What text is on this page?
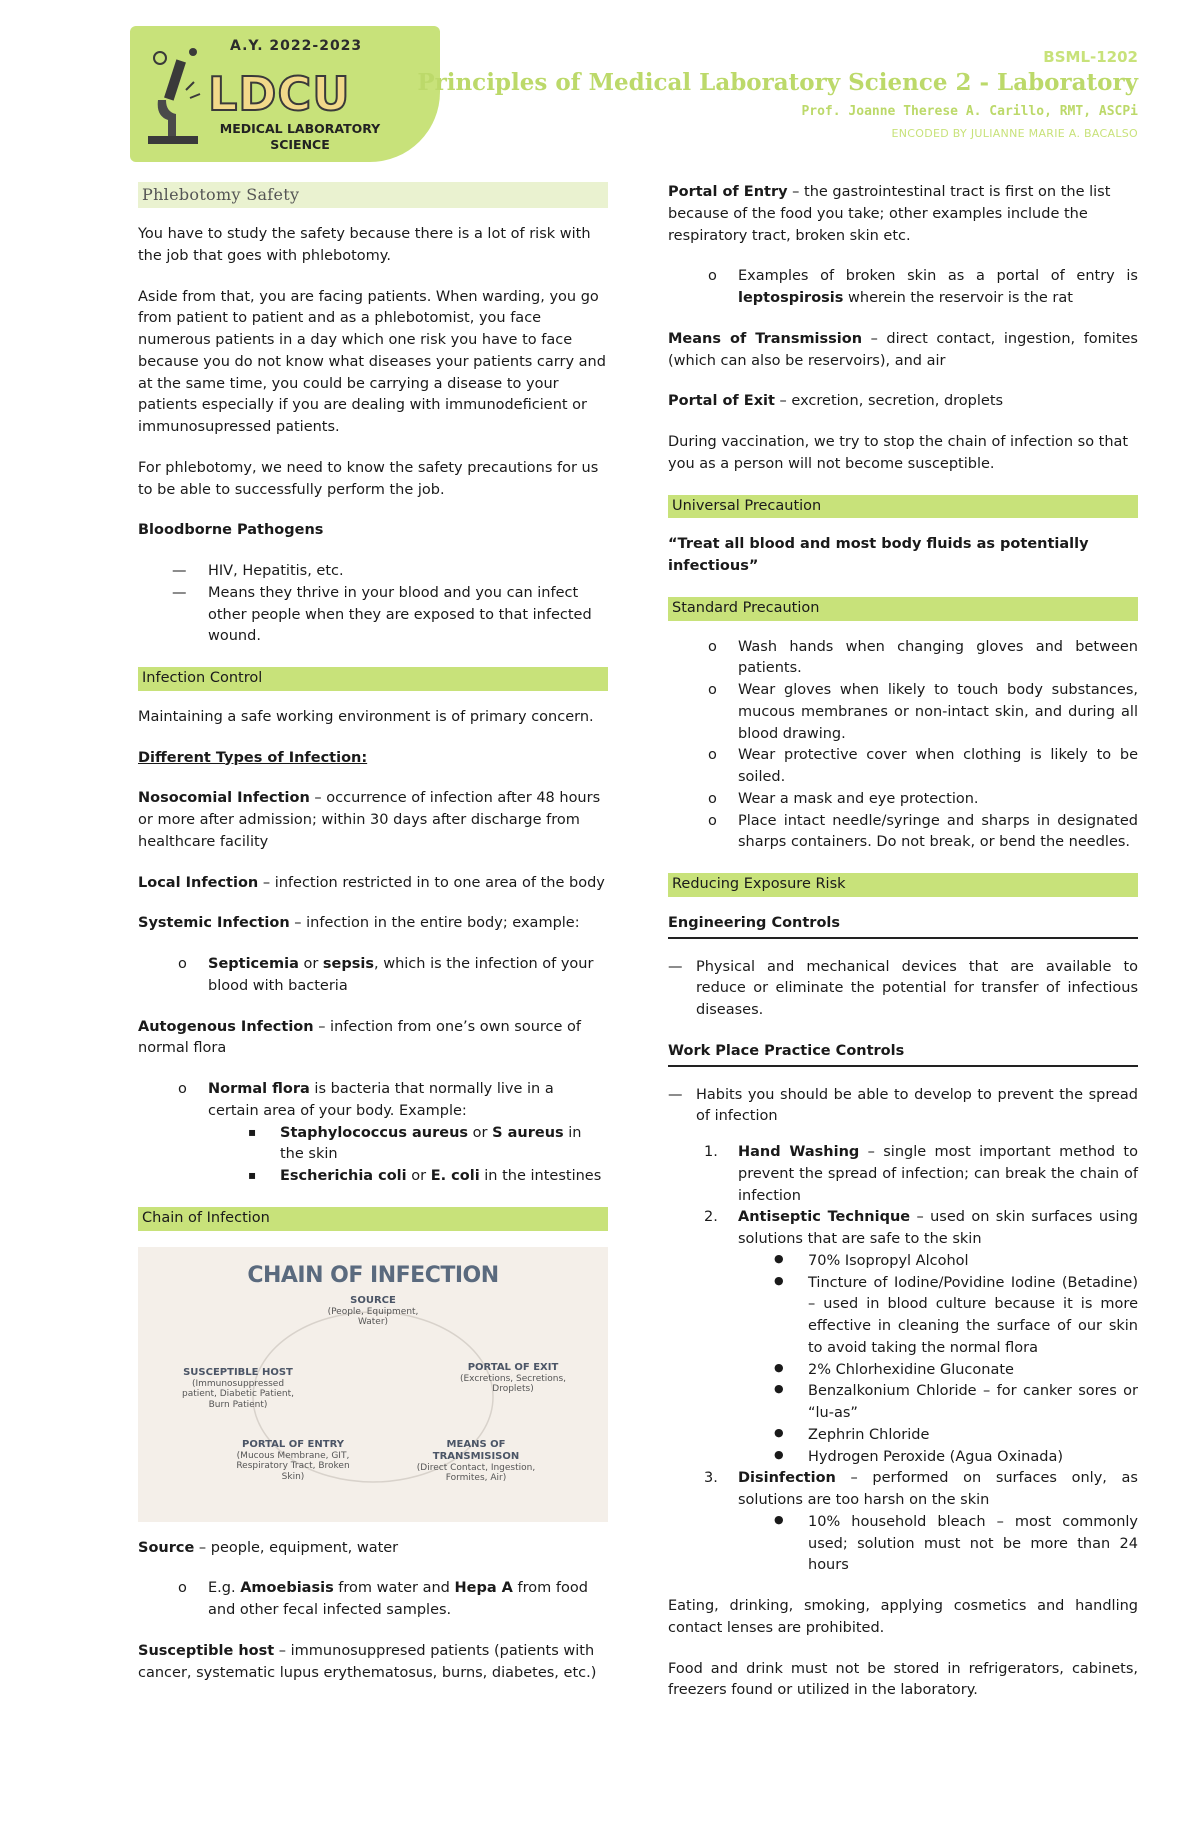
A.Y. 2022-2023
LDCU
MEDICAL LABORATORY SCIENCE
BSML-1202
Principles of Medical Laboratory Science 2 - Laboratory
Prof. Joanne Therese A. Carillo, RMT, ASCPi
ENCODED BY JULIANNE MARIE A. BACALSO
Phlebotomy Safety

You have to study the safety because there is a lot of risk with the job that goes with phlebotomy.

Aside from that, you are facing patients. When warding, you go from patient to patient and as a phlebotomist, you face numerous patients in a day which one risk you have to face because you do not know what diseases your patients carry and at the same time, you could be carrying a disease to your patients especially if you are dealing with immunodeficient or immunosupressed patients.

For phlebotomy, we need to know the safety precautions for us to be able to successfully perform the job.

Bloodborne Pathogens

— HIV, Hepatitis, etc.
— Means they thrive in your blood and you can infect other people when they are exposed to that infected wound.
Infection Control

Maintaining a safe working environment is of primary concern.

Different Types of Infection:

Nosocomial Infection – occurrence of infection after 48 hours or more after admission; within 30 days after discharge from healthcare facility

Local Infection – infection restricted in to one area of the body

Systemic Infection – infection in the entire body; example:

o Septicemia or sepsis, which is the infection of your blood with bacteria

Autogenous Infection – infection from one’s own source of normal flora

o Normal flora is bacteria that normally live in a certain area of your body. Example:
▪ Staphylococcus aureus or S aureus in the skin
▪ Escherichia coli or E. coli in the intestines
Chain of Infection
CHAIN OF INFECTION
SOURCE
(People, Equipment, Water)
SUSCEPTIBLE HOST
(Immunosuppressed patient, Diabetic Patient, Burn Patient)
PORTAL OF EXIT
(Excretions, Secretions, Droplets)
PORTAL OF ENTRY
(Mucous Membrane, GIT, Respiratory Tract, Broken Skin)
MEANS OF TRANSMISISON
(Direct Contact, Ingestion, Formites, Air)

Source – people, equipment, water

o E.g. Amoebiasis from water and Hepa A from food and other fecal infected samples.

Susceptible host – immunosuppresed patients (patients with cancer, systematic lupus erythematosus, burns, diabetes, etc.)

Portal of Entry – the gastrointestinal tract is first on the list because of the food you take; other examples include the respiratory tract, broken skin etc.

o Examples of broken skin as a portal of entry is leptospirosis wherein the reservoir is the rat

Means of Transmission – direct contact, ingestion, fomites (which can also be reservoirs), and air

Portal of Exit – excretion, secretion, droplets

During vaccination, we try to stop the chain of infection so that you as a person will not become susceptible.

Universal Precaution

“Treat all blood and most body fluids as potentially infectious”

Standard Precaution
o Wash hands when changing gloves and between patients.
o Wear gloves when likely to touch body substances, mucous membranes or non-intact skin, and during all blood drawing.
o Wear protective cover when clothing is likely to be soiled.
o Wear a mask and eye protection.
o Place intact needle/syringe and sharps in designated sharps containers. Do not break, or bend the needles.
Reducing Exposure Risk
Engineering Controls
— Physical and mechanical devices that are available to reduce or eliminate the potential for transfer of infectious diseases.
Work Place Practice Controls
— Habits you should be able to develop to prevent the spread of infection
1. Hand Washing – single most important method to prevent the spread of infection; can break the chain of infection
2. Antiseptic Technique – used on skin surfaces using solutions that are safe to the skin
● 70% Isopropyl Alcohol
● Tincture of Iodine/Povidine Iodine (Betadine) – used in blood culture because it is more effective in cleaning the surface of our skin to avoid taking the normal flora
● 2% Chlorhexidine Gluconate
● Benzalkonium Chloride – for canker sores or “lu-as”
● Zephrin Chloride
● Hydrogen Peroxide (Agua Oxinada)
3. Disinfection – performed on surfaces only, as solutions are too harsh on the skin
● 10% household bleach – most commonly used; solution must not be more than 24 hours

Eating, drinking, smoking, applying cosmetics and handling contact lenses are prohibited.

Food and drink must not be stored in refrigerators, cabinets, freezers found or utilized in the laboratory.
